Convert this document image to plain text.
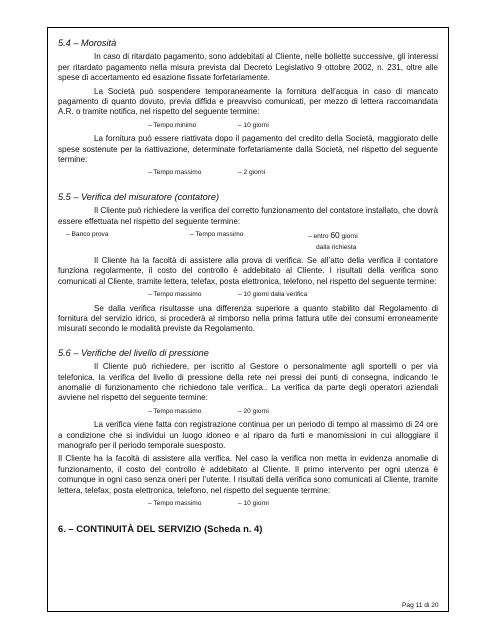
5.4 – Morosità

In caso di ritardato pagamento, sono addebitati al Cliente, nelle bollette successive, gli interessi per ritardato pagamento nella misura prevista dal Decreto Legislativo 9 ottobre 2002, n. 231, oltre alle spese di accertamento ed esazione fissate forfetariamente.

La Società può sospendere temporaneamente la fornitura dell’acqua in caso di mancato pagamento di quanto dovuto, previa diffida e preavviso comunicati, per mezzo di lettera raccomandata A.R. o tramite notifica, nel rispetto del seguente termine:

– Tempo minimo	– 10 giorni

La fornitura può essere riattivata dopo il pagamento del credito della Società, maggiorato delle spese sostenute per la riattivazione, determinate forfetariamente dalla Società, nel rispetto del seguente termine:

– Tempo massimo	– 2 giorni
5.5 – Verifica del misuratore (contatore)

Il Cliente può richiedere la verifica del corretto funzionamento del contatore installato, che dovrà essere effettuata nel rispetto del seguente termine:

– Banco prova	– Tempo massimo	– entro 60 giorni
dalla richiesta

Il Cliente ha la facoltà di assistere alla prova di verifica. Se all’atto della verifica il contatore funziona regolarmente, il costo del controllo è addebitato al Cliente. I risultati della verifica sono comunicati al Cliente, tramite lettera, telefax, posta elettronica, telefono, nel rispetto del seguente termine:

– Tempo massimo	– 10 giorni dalla verifica

Se dalla verifica risultasse una differenza superiore a quanto stabilito dal Regolamento di fornitura del servizio idrico, si procederà al rimborso nella prima fattura utile dei consumi erroneamente misurati secondo le modalità previste da Regolamento.

5.6 – Verifiche del livello di pressione

Il Cliente può richiedere, per iscritto al Gestore o personalmente agli sportelli o per via telefonica, la verifica del livello di pressione della rete nei pressi dei punti di consegna, indicando le anomalie di funzionamento che richiedono tale verifica.. La verifica da parte degli operatori aziendali avviene nel rispetto del seguente termine:

– Tempo massimo	– 20 giorni

La verifica viene fatta con registrazione continua per un periodo di tempo al massimo di 24 ore a condizione che si individui un luogo idoneo e al riparo da furti e manomissioni in cui alloggiare il manografo per il periodo temporale suesposto.

Il Cliente ha la facoltà di assistere alla verifica. Nel caso la verifica non metta in evidenza anomalie di funzionamento, il costo del controllo è addebitato al Cliente. Il primo intervento per ogni utenza è comunque in ogni caso senza oneri per l’utente. I risultati della verifica sono comunicati al Cliente, tramite lettera, telefax, posta elettronica, telefono, nel rispetto del seguente termine:

– Tempo massimo	– 10 giorni
6. – CONTINUITÀ DEL SERVIZIO (Scheda n. 4)
Pag 11 di 20
